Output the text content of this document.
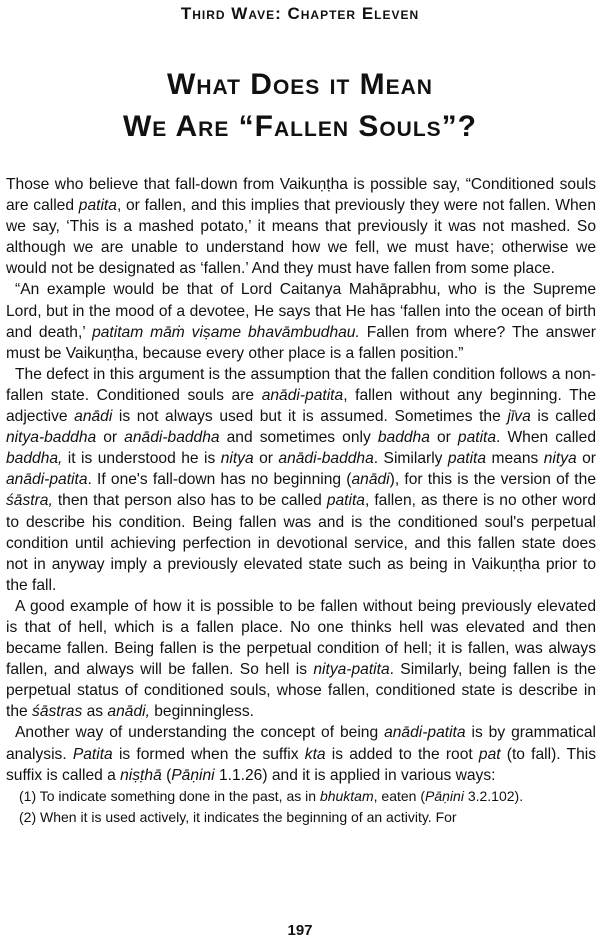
Third Wave: Chapter Eleven
What Does it Mean
We Are “Fallen Souls”?

Those who believe that fall-down from Vaikuṇṭha is possible say, “Conditioned souls are called patita, or fallen, and this implies that previously they were not fallen. When we say, ‘This is a mashed potato,’ it means that previously it was not mashed. So although we are unable to understand how we fell, we must have; otherwise we would not be designated as ‘fallen.’ And they must have fallen from some place.

“An example would be that of Lord Caitanya Mahāprabhu, who is the Supreme Lord, but in the mood of a devotee, He says that He has ‘fallen into the ocean of birth and death,’ patitam māṁ viṣame bhavāmbudhau. Fallen from where? The answer must be Vaikuṇṭha, because every other place is a fallen position.”

The defect in this argument is the assumption that the fallen condition follows a non-fallen state. Conditioned souls are anādi-patita, fallen without any beginning. The adjective anādi is not always used but it is assumed. Sometimes the jīva is called nitya-baddha or anādi-baddha and sometimes only baddha or patita. When called baddha, it is understood he is nitya or anādi-baddha. Similarly patita means nitya or anādi-patita. If one's fall-down has no beginning (anādi), for this is the version of the śāstra, then that person also has to be called patita, fallen, as there is no other word to describe his condition. Being fallen was and is the conditioned soul's perpetual condition until achieving perfection in devotional service, and this fallen state does not in anyway imply a previously elevated state such as being in Vaikuṇṭha prior to the fall.

A good example of how it is possible to be fallen without being previously elevated is that of hell, which is a fallen place. No one thinks hell was elevated and then became fallen. Being fallen is the perpetual condition of hell; it is fallen, was always fallen, and always will be fallen. So hell is nitya-patita. Similarly, being fallen is the perpetual status of conditioned souls, whose fallen, conditioned state is describe in the śāstras as anādi, beginningless.

Another way of understanding the concept of being anādi-patita is by grammatical analysis. Patita is formed when the suffix kta is added to the root pat (to fall). This suffix is called a niṣṭhā (Pāṇini 1.1.26) and it is applied in various ways:

(1) To indicate something done in the past, as in bhuktam, eaten (Pāṇini 3.2.102).

(2) When it is used actively, it indicates the beginning of an activity. For

197
